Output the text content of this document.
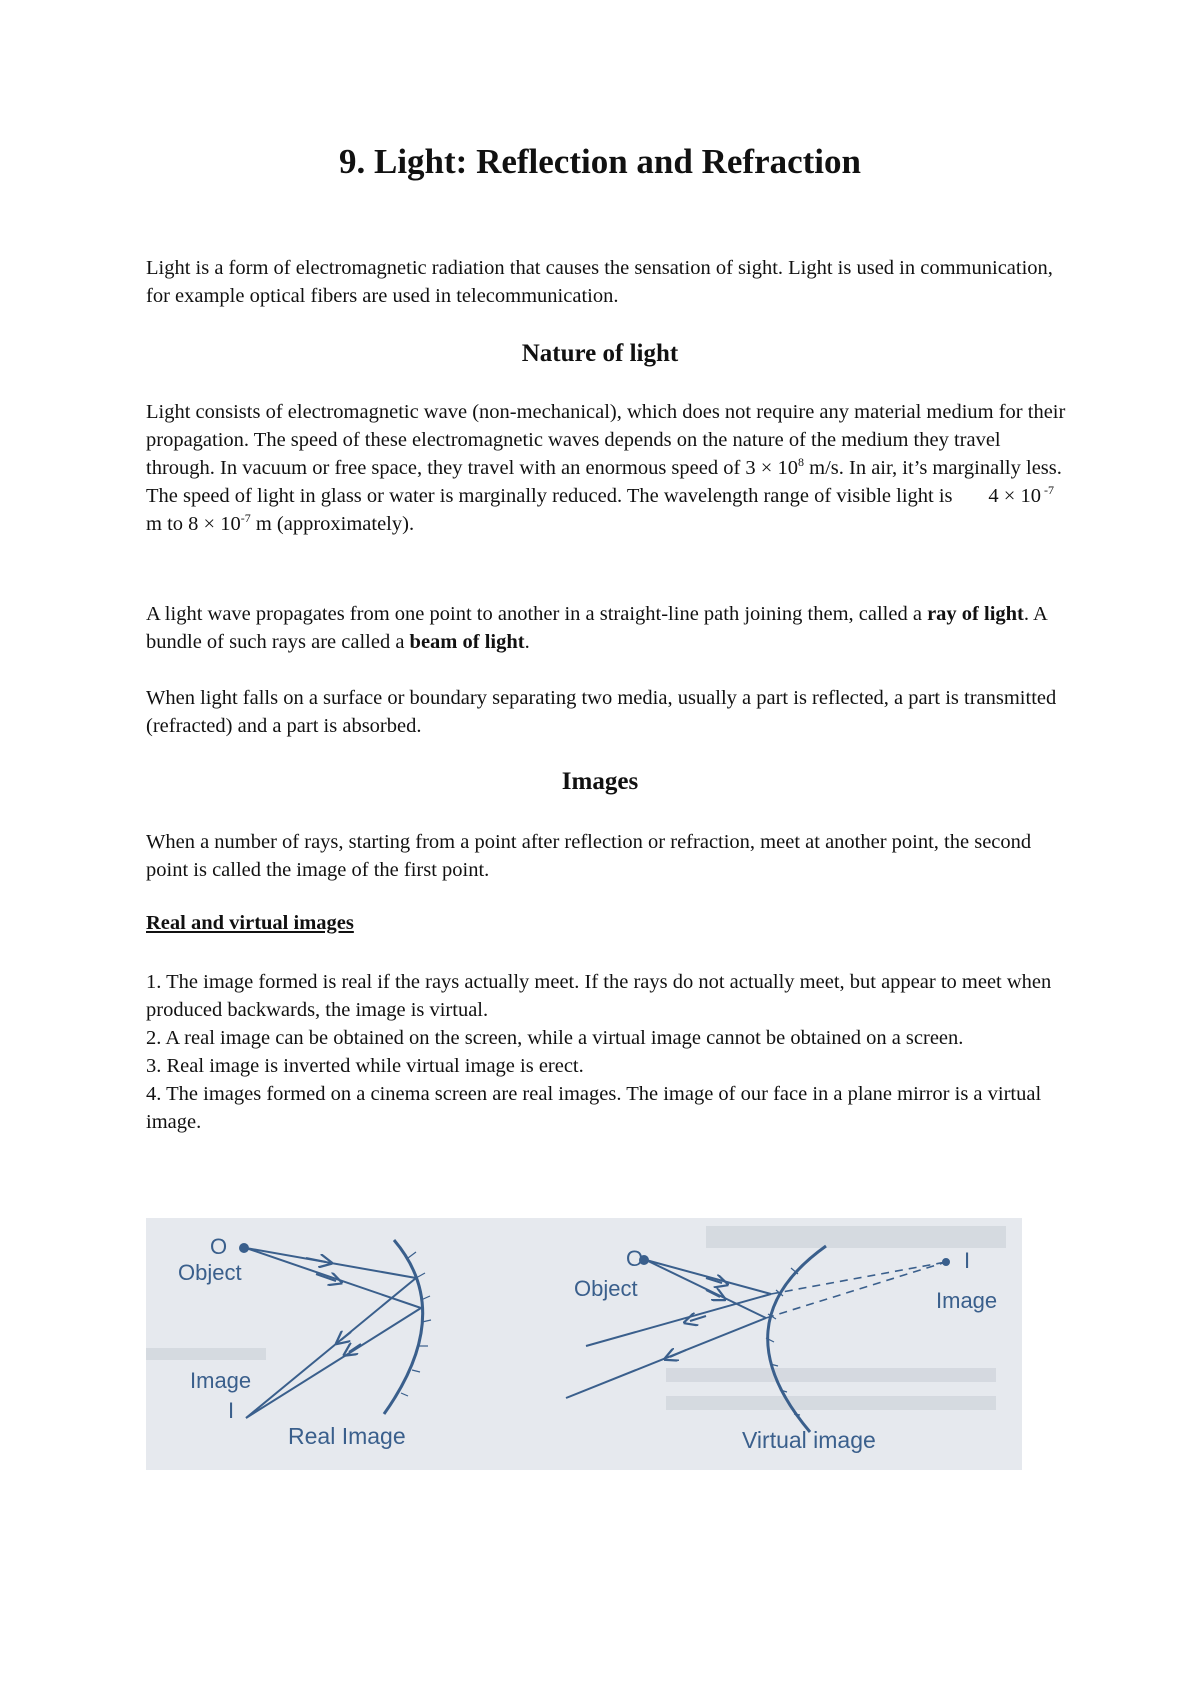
9. Light: Reflection and Refraction

Light is a form of electromagnetic radiation that causes the sensation of sight. Light is used in communication, for example optical fibers are used in telecommunication.

Nature of light

Light consists of electromagnetic wave (non-mechanical), which does not require any material medium for their propagation. The speed of these electromagnetic waves depends on the nature of the medium they travel through. In vacuum or free space, they travel with an enormous speed of $3 \times 10^8$ m/s. In air, it’s marginally less. The speed of light in glass or water is marginally reduced. The wavelength range of visible light is       4 × 10 $^{-7}$ m to $8 \times 10^{-7}$ m (approximately).

A light wave propagates from one point to another in a straight-line path joining them, called a ray of light. A bundle of such rays are called a beam of light.

When light falls on a surface or boundary separating two media, usually a part is reflected, a part is transmitted (refracted) and a part is absorbed.

Images

When a number of rays, starting from a point after reflection or refraction, meet at another point, the second point is called the image of the first point.

Real and virtual images

1. The image formed is real if the rays actually meet. If the rays do not actually meet, but appear to meet when produced backwards, the image is virtual.
2. A real image can be obtained on the screen, while a virtual image cannot be obtained on a screen.
3. Real image is inverted while virtual image is erect.
4. The images formed on a cinema screen are real images. The image of our face in a plane mirror is a virtual image.
O
Object
Image
I
Real Image
O
Object
I
Image
Virtual image
